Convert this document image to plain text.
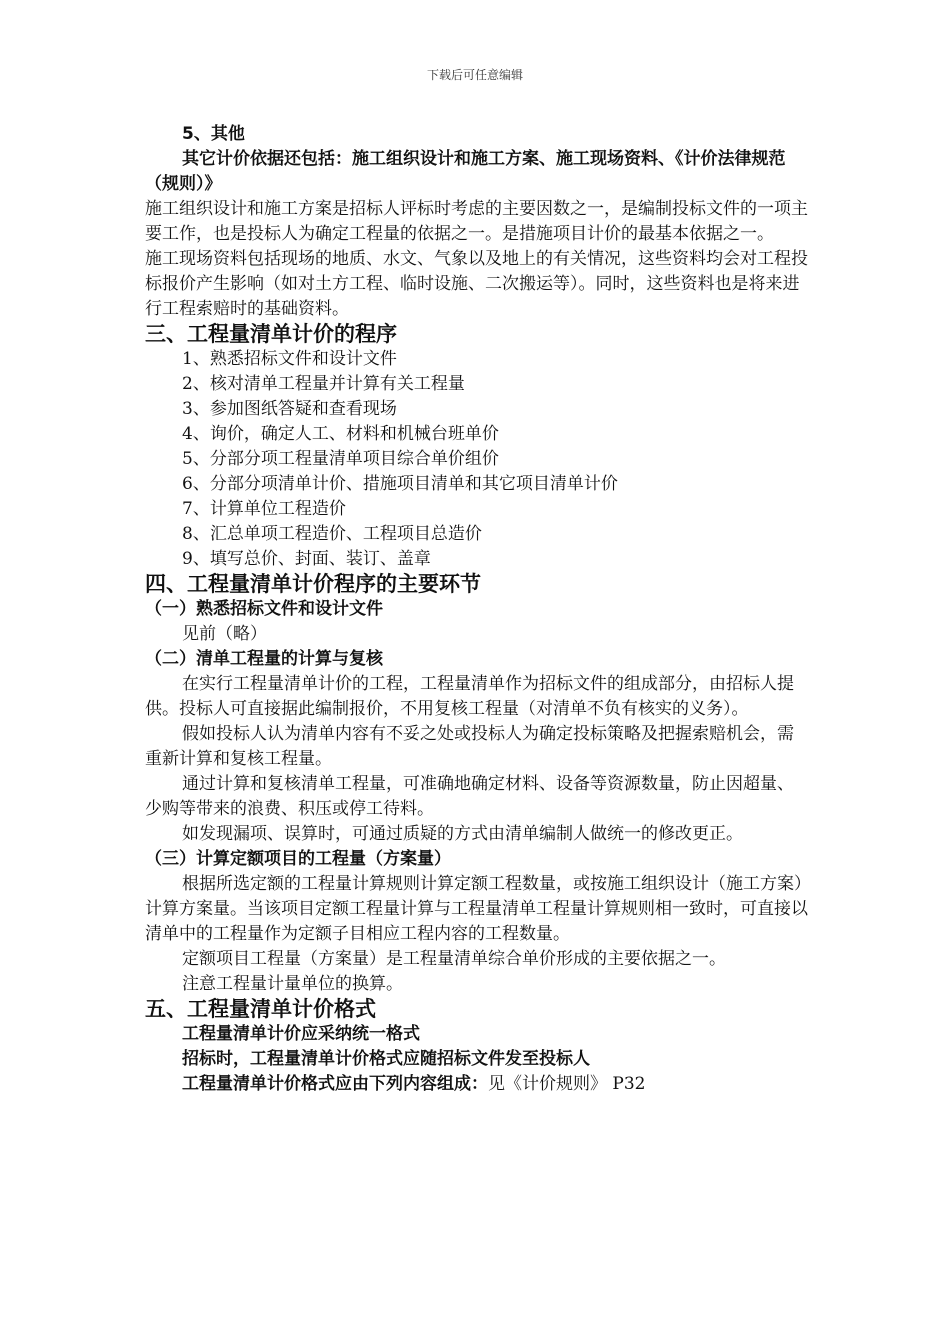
下载后可任意编辑

5、其他

其它计价依据还包括：施工组织设计和施工方案、施工现场资料、《计价法律规范（规则）》

施工组织设计和施工方案是招标人评标时考虑的主要因数之一，是编制投标文件的一项主要工作，也是投标人为确定工程量的依据之一。是措施项目计价的最基本依据之一。

施工现场资料包括现场的地质、水文、气象以及地上的有关情况，这些资料均会对工程投标报价产生影响（如对土方工程、临时设施、二次搬运等）。同时，这些资料也是将来进行工程索赔时的基础资料。

三、工程量清单计价的程序

1、熟悉招标文件和设计文件

2、核对清单工程量并计算有关工程量

3、参加图纸答疑和查看现场

4、询价，确定人工、材料和机械台班单价

5、分部分项工程量清单项目综合单价组价

6、分部分项清单计价、措施项目清单和其它项目清单计价

7、计算单位工程造价

8、汇总单项工程造价、工程项目总造价

9、填写总价、封面、装订、盖章

四、工程量清单计价程序的主要环节

（一）熟悉招标文件和设计文件

见前（略）

（二）清单工程量的计算与复核

在实行工程量清单计价的工程，工程量清单作为招标文件的组成部分，由招标人提供。投标人可直接据此编制报价，不用复核工程量（对清单不负有核实的义务）。

假如投标人认为清单内容有不妥之处或投标人为确定投标策略及把握索赔机会，需重新计算和复核工程量。

通过计算和复核清单工程量，可准确地确定材料、设备等资源数量，防止因超量、少购等带来的浪费、积压或停工待料。

如发现漏项、误算时，可通过质疑的方式由清单编制人做统一的修改更正。

（三）计算定额项目的工程量（方案量）

根据所选定额的工程量计算规则计算定额工程数量，或按施工组织设计（施工方案）计算方案量。当该项目定额工程量计算与工程量清单工程量计算规则相一致时，可直接以清单中的工程量作为定额子目相应工程内容的工程数量。

定额项目工程量（方案量）是工程量清单综合单价形成的主要依据之一。

注意工程量计量单位的换算。

五、工程量清单计价格式

工程量清单计价应采纳统一格式

招标时，工程量清单计价格式应随招标文件发至投标人

工程量清单计价格式应由下列内容组成：见《计价规则》 P32
